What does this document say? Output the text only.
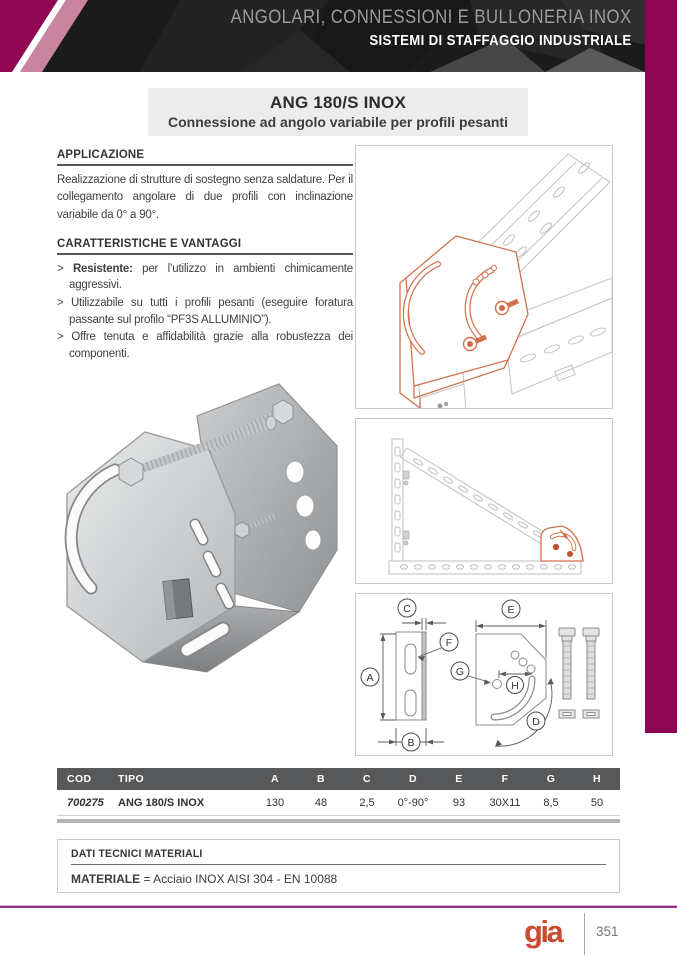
ANGOLARI, CONNESSIONI E BULLONERIA INOX
SISTEMI DI STAFFAGGIO INDUSTRIALE
ANG 180/S INOX
Connessione ad angolo variabile per profili pesanti
APPLICAZIONE

Realizzazione di strutture di sostegno senza saldature. Per il collegamento angolare di due profili con inclinazione variabile da 0° a 90°.

CARATTERISTICHE E VANTAGGI
> Resistente: per l’utilizzo in ambienti chimicamente aggressivi.
> Utilizzabile su tutti i profili pesanti (eseguire foratura passante sul profilo “PF3S ALLUMINIO”).
> Offre tenuta e affidabilità grazie alla robustezza dei componenti.
A
B
C
D
E
F
G
H
COD	TIPO	A	B	C	D	E	F	G	H
700275	ANG 180/S INOX	130	48	2,5	0°-90°	93	30X11	8,5	50
DATI TECNICI MATERIALI
MATERIALE = Acciaio INOX AISI 304 - EN 10088
gia	351
